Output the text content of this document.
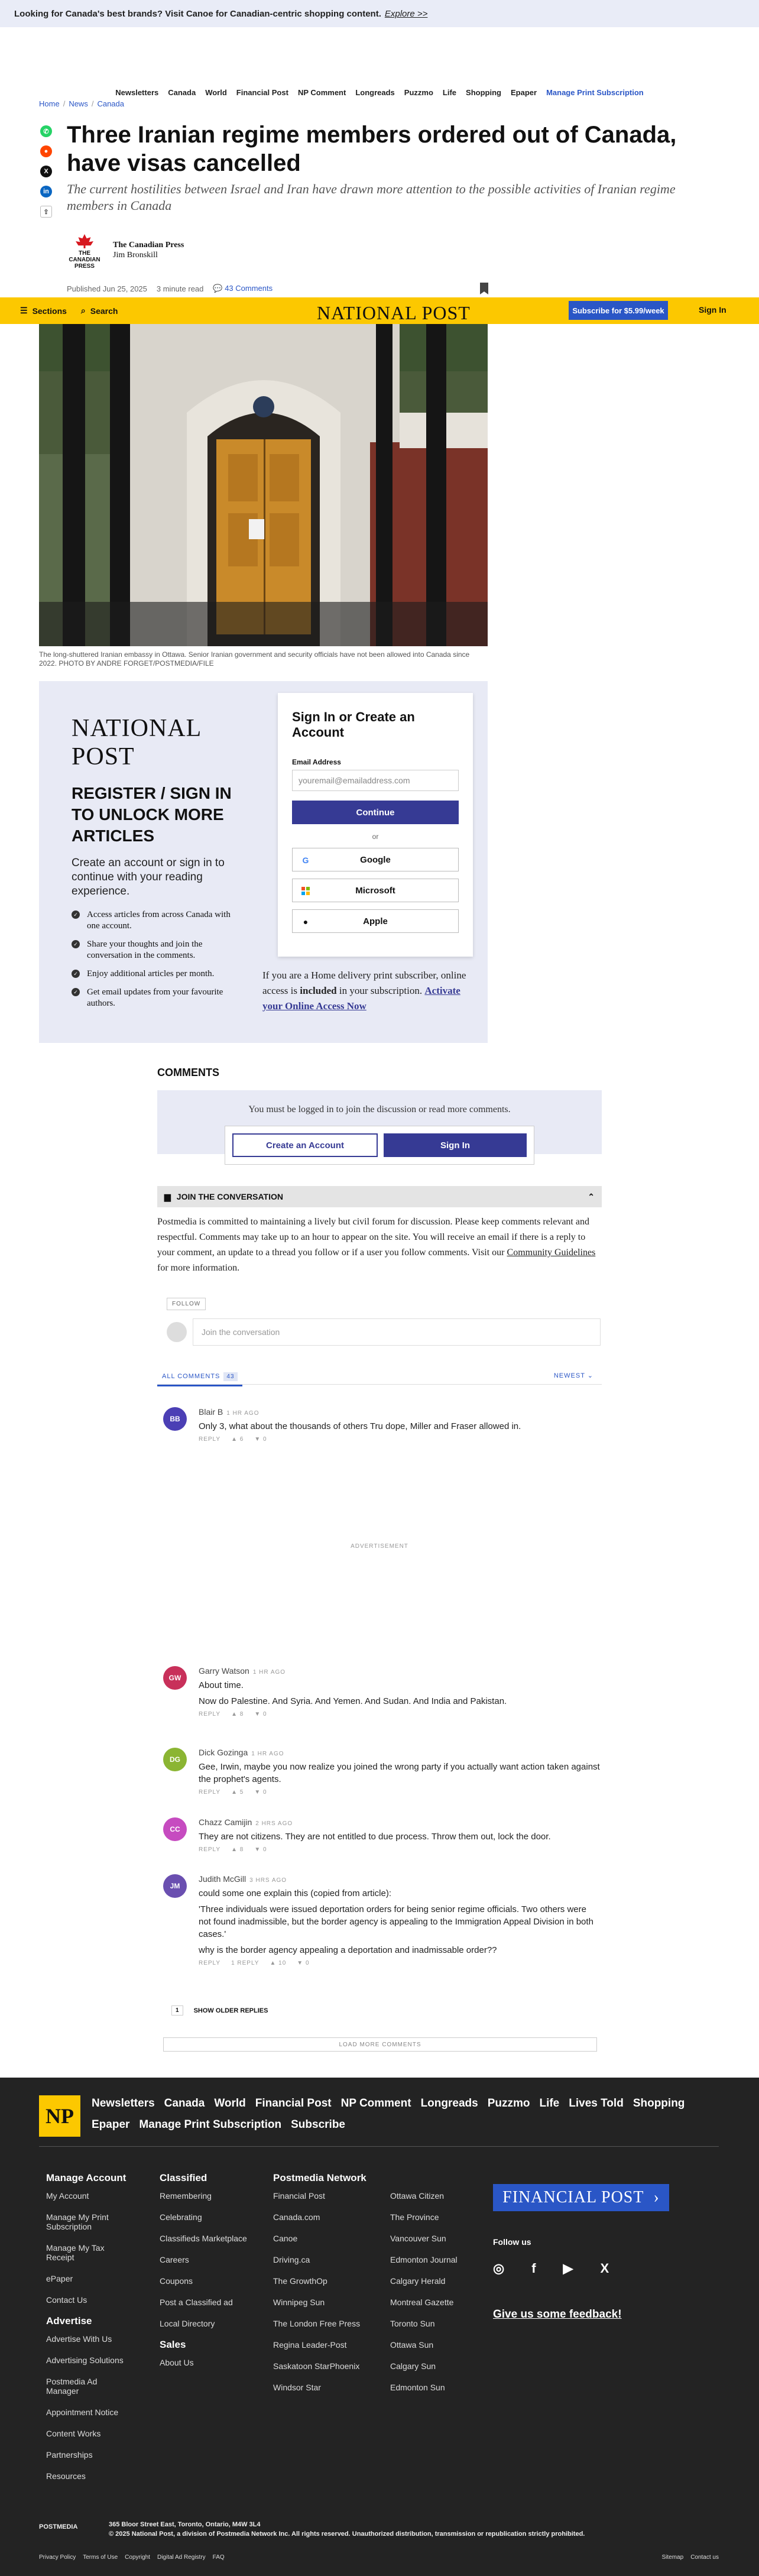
Looking for Canada's best brands? Visit Canoe for Canadian-centric shopping content. Explore >>
Newsletters Canada World Financial Post NP Comment Longreads Puzzmo Life Shopping Epaper Manage Print Subscription
Home / News / Canada
✆
●
X
in
⇪
Three Iranian regime members ordered out of Canada, have visas cancelled
The current hostilities between Israel and Iran have drawn more attention to the possible activities of Iranian regime members in Canada
THE CANADIAN PRESS
The Canadian Press
Jim Bronskill
Published Jun 25, 2025 3 minute read 💬 43 Comments
☰ Sections ⌕ Search	NATIONAL POST	Subscribe for $5.99/week	Sign In
The long-shuttered Iranian embassy in Ottawa. Senior Iranian government and security officials have not been allowed into Canada since 2022. PHOTO BY ANDRE FORGET/POSTMEDIA/FILE
NATIONAL POST
REGISTER / SIGN IN TO UNLOCK MORE ARTICLES
Create an account or sign in to continue with your reading experience.
✓ Access articles from across Canada with one account.
✓ Share your thoughts and join the conversation in the comments.
✓ Enjoy additional articles per month.
✓ Get email updates from your favourite authors.
Sign In or Create an Account
Email Address
youremail@emailaddress.com
Continue
or
G	Google
Microsoft
●	Apple
If you are a Home delivery print subscriber, online access is included in your subscription. Activate your Online Access Now
COMMENTS

You must be logged in to join the discussion or read more comments.

Create an Account	Sign In
▆ JOIN THE CONVERSATION	⌃
Postmedia is committed to maintaining a lively but civil forum for discussion. Please keep comments relevant and respectful. Comments may take up to an hour to appear on the site. You will receive an email if there is a reply to your comment, an update to a thread you follow or if a user you follow comments. Visit our Community Guidelines for more information.
FOLLOW
Join the conversation
ALL COMMENTS 43	NEWEST ⌄
BB
Blair B 1 HR AGO

Only 3, what about the thousands of others Tru dope, Miller and Fraser allowed in.

REPLY ▲ 6 ▼ 0
ADVERTISEMENT
GW
Garry Watson 1 HR AGO

About time.

Now do Palestine. And Syria. And Yemen. And Sudan. And India and Pakistan.

REPLY ▲ 8 ▼ 0
DG
Dick Gozinga 1 HR AGO

Gee, Irwin, maybe you now realize you joined the wrong party if you actually want action taken against the prophet's agents.

REPLY ▲ 5 ▼ 0
CC
Chazz Camijin 2 HRS AGO

They are not citizens. They are not entitled to due process. Throw them out, lock the door.

REPLY ▲ 8 ▼ 0
JM
Judith McGill 3 HRS AGO

could some one explain this (copied from article):

'Three individuals were issued deportation orders for being senior regime officials. Two others were not found inadmissible, but the border agency is appealing to the Immigration Appeal Division in both cases.'

why is the border agency appealing a deportation and inadmissable order??

REPLY 1 REPLY ▲ 10 ▼ 0
1	SHOW OLDER REPLIES
LOAD MORE COMMENTS
NP
Newsletters Canada World Financial Post NP Comment Longreads Puzzmo Life Lives Told Shopping
Epaper Manage Print Subscription Subscribe
Manage Account
My Account
Manage My Print Subscription
Manage My Tax Receipt
ePaper
Contact Us
Advertise
Advertise With Us
Advertising Solutions
Postmedia Ad Manager
Appointment Notice
Content Works
Partnerships
Resources
Classified
Remembering
Celebrating
Classifieds Marketplace
Careers
Coupons
Post a Classified ad
Local Directory
Sales
About Us
Postmedia Network
Financial Post
Canada.com
Canoe
Driving.ca
The GrowthOp
Winnipeg Sun
The London Free Press
Regina Leader-Post
Saskatoon StarPhoenix
Windsor Star
Ottawa Citizen
The Province
Vancouver Sun
Edmonton Journal
Calgary Herald
Montreal Gazette
Toronto Sun
Ottawa Sun
Calgary Sun
Edmonton Sun
FINANCIAL POST
›
Follow us
◎ f ▶ X
Give us some feedback!
POSTMEDIA	365 Bloor Street East, Toronto, Ontario, M4W 3L4
© 2025 National Post, a division of Postmedia Network Inc. All rights reserved. Unauthorized distribution, transmission or republication strictly prohibited.
Privacy Policy Terms of Use Copyright Digital Ad Registry FAQ	Sitemap Contact us
